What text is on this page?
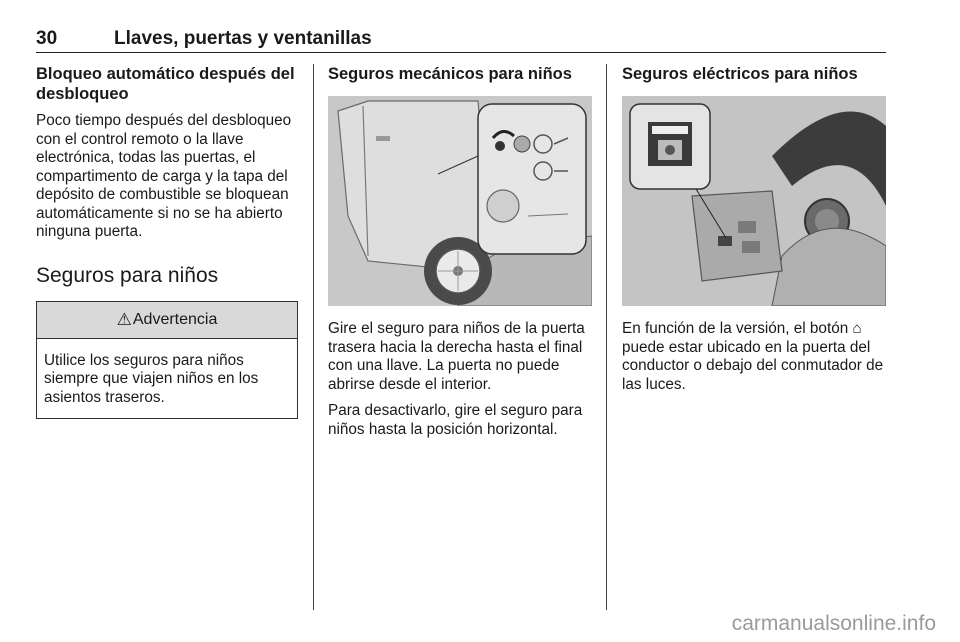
30	Llaves, puertas y ventanillas
Bloqueo automático después del desbloqueo

Poco tiempo después del desbloqueo con el control remoto o la llave electrónica, todas las puertas, el compartimento de carga y la tapa del depósito de combustible se bloquean automáticamente si no se ha abierto ninguna puerta.

Seguros para niños
⚠ Advertencia
Utilice los seguros para niños siempre que viajen niños en los asientos traseros.
Seguros mecánicos para niños

Gire el seguro para niños de la puerta trasera hacia la derecha hasta el final con una llave. La puerta no puede abrirse desde el interior.

Para desactivarlo, gire el seguro para niños hasta la posición horizontal.

Seguros eléctricos para niños

En función de la versión, el botón ⌂ puede estar ubicado en la puerta del conductor o debajo del conmutador de las luces.

carmanualsonline.info
